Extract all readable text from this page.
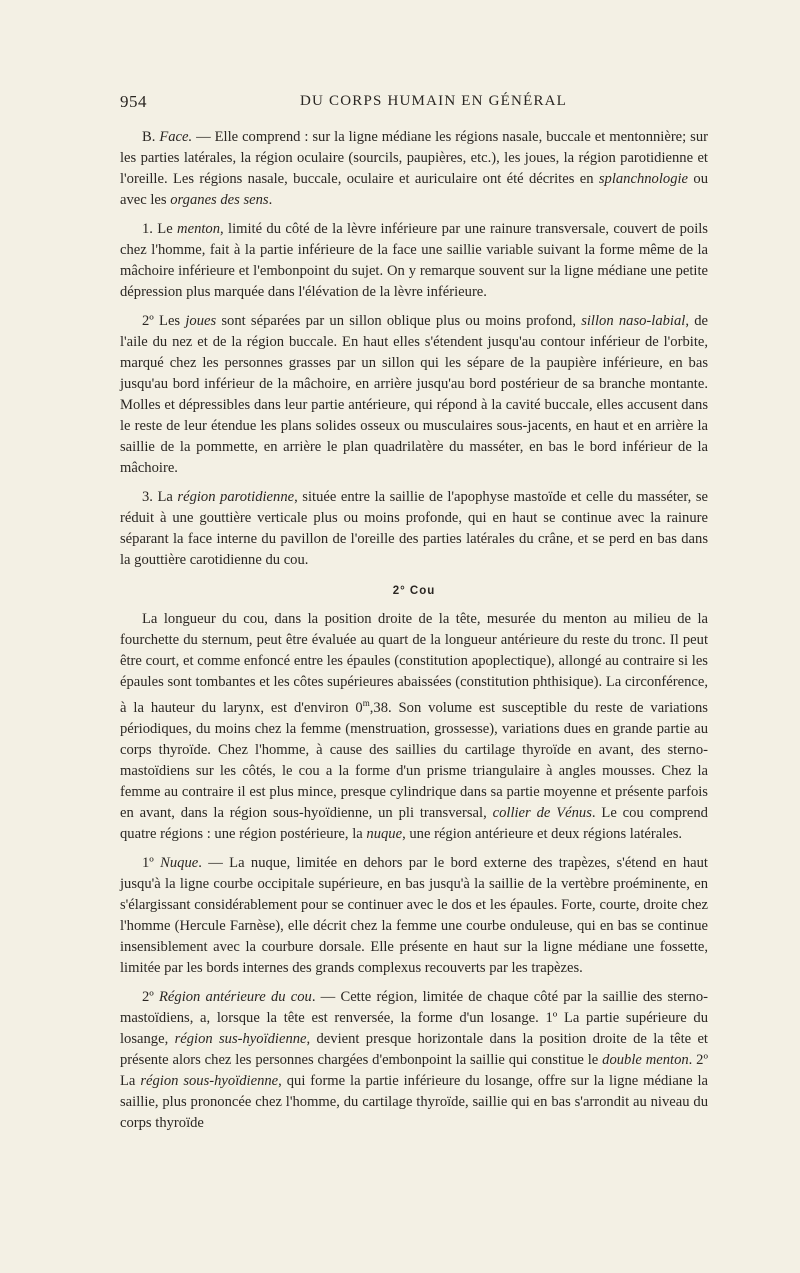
954	DU CORPS HUMAIN EN GÉNÉRAL

B. Face. — Elle comprend : sur la ligne médiane les régions nasale, buccale et mentonnière; sur les parties latérales, la région oculaire (sourcils, paupières, etc.), les joues, la région parotidienne et l'oreille. Les régions nasale, buccale, oculaire et auriculaire ont été décrites en splanchnologie ou avec les organes des sens.

1. Le menton, limité du côté de la lèvre inférieure par une rainure transversale, couvert de poils chez l'homme, fait à la partie inférieure de la face une saillie variable suivant la forme même de la mâchoire inférieure et l'embonpoint du sujet. On y remarque souvent sur la ligne médiane une petite dépression plus marquée dans l'élévation de la lèvre inférieure.

2º Les joues sont séparées par un sillon oblique plus ou moins profond, sillon naso-labial, de l'aile du nez et de la région buccale. En haut elles s'étendent jusqu'au contour inférieur de l'orbite, marqué chez les personnes grasses par un sillon qui les sépare de la paupière inférieure, en bas jusqu'au bord inférieur de la mâchoire, en arrière jusqu'au bord postérieur de sa branche montante. Molles et dépressibles dans leur partie antérieure, qui répond à la cavité buccale, elles accusent dans le reste de leur étendue les plans solides osseux ou musculaires sous-jacents, en haut et en arrière la saillie de la pommette, en arrière le plan quadrilatère du masséter, en bas le bord inférieur de la mâchoire.

3. La région parotidienne, située entre la saillie de l'apophyse mastoïde et celle du masséter, se réduit à une gouttière verticale plus ou moins profonde, qui en haut se continue avec la rainure séparant la face interne du pavillon de l'oreille des parties latérales du crâne, et se perd en bas dans la gouttière carotidienne du cou.

2° Cou

La longueur du cou, dans la position droite de la tête, mesurée du menton au milieu de la fourchette du sternum, peut être évaluée au quart de la longueur antérieure du reste du tronc. Il peut être court, et comme enfoncé entre les épaules (constitution apoplectique), allongé au contraire si les épaules sont tombantes et les côtes supérieures abaissées (constitution phthisique). La circonférence, à la hauteur du larynx, est d'environ 0$^m$,38. Son volume est susceptible du reste de variations périodiques, du moins chez la femme (menstruation, grossesse), variations dues en grande partie au corps thyroïde. Chez l'homme, à cause des saillies du cartilage thyroïde en avant, des sterno-mastoïdiens sur les côtés, le cou a la forme d'un prisme triangulaire à angles mousses. Chez la femme au contraire il est plus mince, presque cylindrique dans sa partie moyenne et présente parfois en avant, dans la région sous-hyoïdienne, un pli transversal, collier de Vénus. Le cou comprend quatre régions : une région postérieure, la nuque, une région antérieure et deux régions latérales.

1º Nuque. — La nuque, limitée en dehors par le bord externe des trapèzes, s'étend en haut jusqu'à la ligne courbe occipitale supérieure, en bas jusqu'à la saillie de la vertèbre proéminente, en s'élargissant considérablement pour se continuer avec le dos et les épaules. Forte, courte, droite chez l'homme (Hercule Farnèse), elle décrit chez la femme une courbe onduleuse, qui en bas se continue insensiblement avec la courbure dorsale. Elle présente en haut sur la ligne médiane une fossette, limitée par les bords internes des grands complexus recouverts par les trapèzes.

2º Région antérieure du cou. — Cette région, limitée de chaque côté par la saillie des sterno-mastoïdiens, a, lorsque la tête est renversée, la forme d'un losange. 1º La partie supérieure du losange, région sus-hyoïdienne, devient presque horizontale dans la position droite de la tête et présente alors chez les personnes chargées d'embonpoint la saillie qui constitue le double menton. 2º La région sous-hyoïdienne, qui forme la partie inférieure du losange, offre sur la ligne médiane la saillie, plus prononcée chez l'homme, du cartilage thyroïde, saillie qui en bas s'arrondit au niveau du corps thyroïde
